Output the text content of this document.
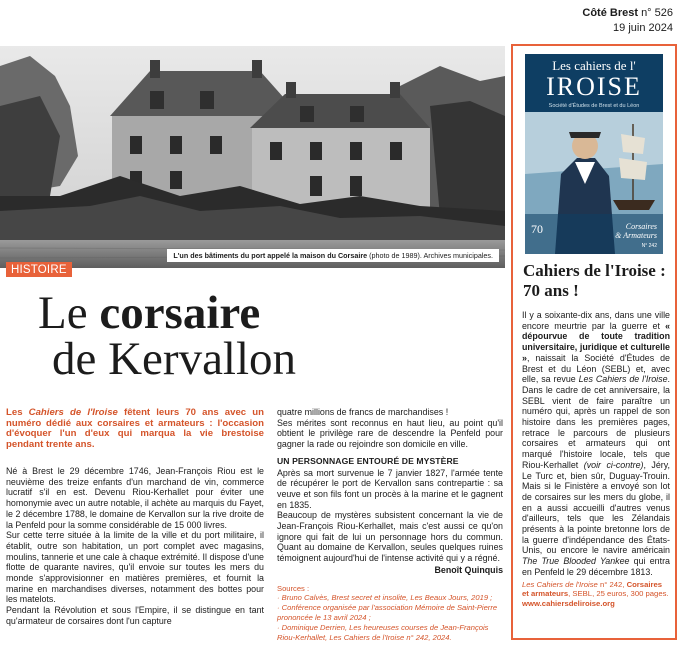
Côté Brest n° 526
19 juin 2024
L'un des bâtiments du port appelé la maison du Corsaire (photo de 1989). Archives municipales.
HISTOIRE
Le corsaire
de Kervallon
Les Cahiers de l'Iroise fêtent leurs 70 ans avec un numéro dédié aux corsaires et armateurs : l'occasion d'évoquer l'un d'eux qui marqua la vie brestoise pendant trente ans.

Né à Brest le 29 décembre 1746, Jean-François Riou est le neuvième des treize enfants d'un marchand de vin, commerce lucratif s'il en est. Devenu Riou-Kerhallet pour éviter une homonymie avec un autre notable, il achète au marquis du Fayet, le 2 décembre 1788, le domaine de Kervallon sur la rive droite de la Penfeld pour la somme considérable de 15 000 livres.

Sur cette terre située à la limite de la ville et du port militaire, il établit, outre son habitation, un port complet avec magasins, moulins, tannerie et une cale à chaque extrémité. Il dispose d'une flotte de quarante navires, qu'il envoie sur toutes les mers du monde s'approvisionner en matières premières, et fournit la marine en marchandises diverses, notamment des bottes pour les matelots.

Pendant la Révolution et sous l'Empire, il se distingue en tant qu'armateur de corsaires dont l'un capture

quatre millions de francs de marchandises !

Ses mérites sont reconnus en haut lieu, au point qu'il obtient le privilège rare de descendre la Penfeld pour gagner la rade ou rejoindre son domicile en ville.

UN PERSONNAGE ENTOURÉ DE MYSTÈRE

Après sa mort survenue le 7 janvier 1827, l'armée tente de récupérer le port de Kervallon sans contrepartie : sa veuve et son fils font un procès à la marine et le gagnent en 1835.

Beaucoup de mystères subsistent concernant la vie de Jean-François Riou-Kerhallet, mais c'est aussi ce qu'on ignore qui fait de lui un personnage hors du commun. Quant au domaine de Kervallon, seules quelques ruines témoignent aujourd'hui de l'intense activité qui y a régné.

Benoît Quinquis
Sources :
· Bruno Calvès, Brest secret et insolite, Les Beaux Jours, 2019 ;
· Conférence organisée par l'association Mémoire de Saint-Pierre prononcée le 13 avril 2024 ;
· Dominique Derrien, Les heureuses courses de Jean-François Riou-Kerhallet, Les Cahiers de l'Iroise n° 242, 2024.
Les cahiers de l'
IROISE
Société d'Études de Brest et du Léon
70	Corsaires
& Armateurs
N° 242
Cahiers de l'Iroise : 70 ans !
Il y a soixante-dix ans, dans une ville encore meurtrie par la guerre et « dépourvue de toute tradition universitaire, juridique et culturelle », naissait la Société d'Études de Brest et du Léon (SEBL) et, avec elle, sa revue Les Cahiers de l'Iroise. Dans le cadre de cet anniversaire, la SEBL vient de faire paraître un numéro qui, après un rappel de son histoire dans les premières pages, retrace le parcours de plusieurs corsaires et armateurs qui ont marqué l'histoire locale, tels que Riou-Kerhallet (voir ci-contre), Jéry, Le Turc et, bien sûr, Duguay-Trouin. Mais si le Finistère a envoyé son lot de corsaires sur les mers du globe, il en a aussi accueilli d'autres venus d'ailleurs, tels que les Zélandais présents à la pointe bretonne lors de la guerre d'indépendance des États-Unis, ou encore le navire américain The True Blooded Yankee qui entra en Penfeld le 29 décembre 1813.
Les Cahiers de l'Iroise n° 242, Corsaires et armateurs, SEBL, 25 euros, 300 pages.
www.cahiersdeliroise.org
